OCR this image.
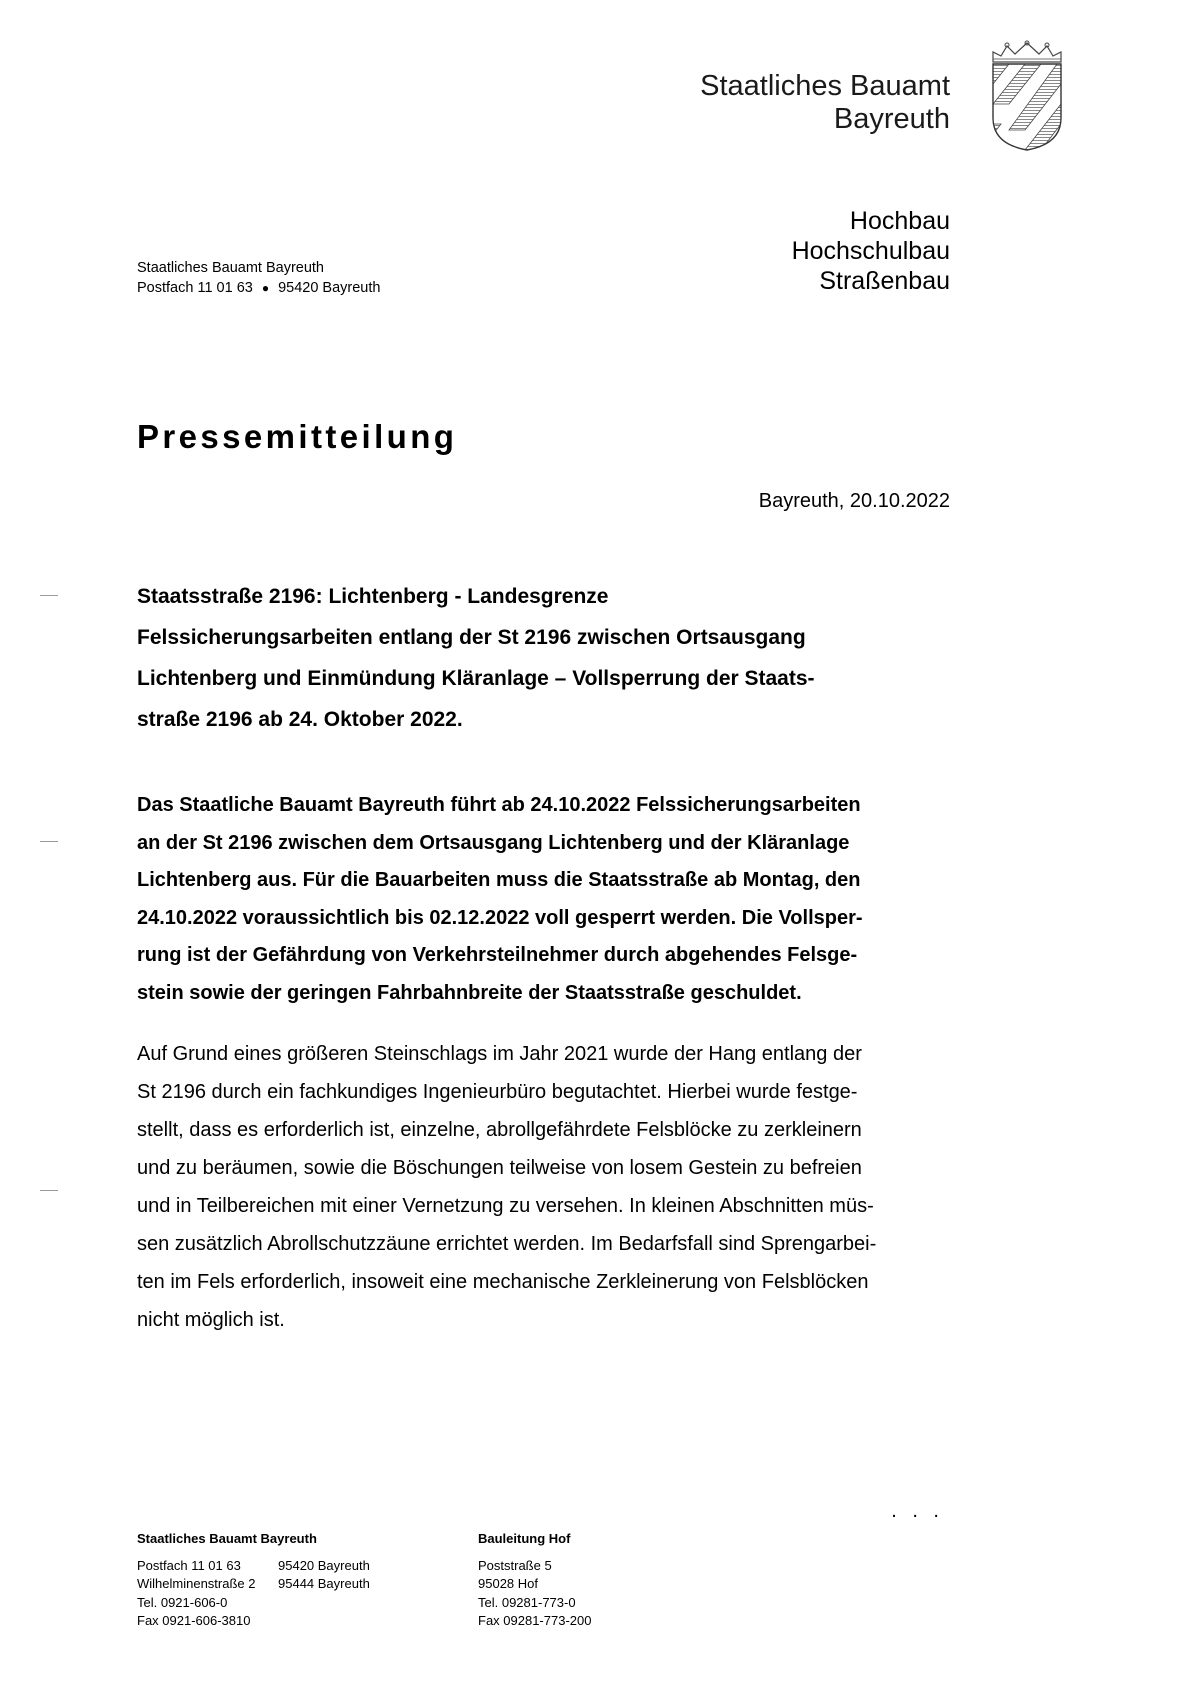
Staatliches Bauamt
Bayreuth
Hochbau
Hochschulbau
Straßenbau
Staatliches Bauamt Bayreuth
Postfach 11 01 63 ● 95420 Bayreuth
Pressemitteilung
Bayreuth, 20.10.2022
Staatsstraße 2196: Lichtenberg - Landesgrenze
Felssicherungsarbeiten entlang der St 2196 zwischen Ortsausgang
Lichtenberg und Einmündung Kläranlage – Vollsperrung der Staats-
straße 2196 ab 24. Oktober 2022.
Das Staatliche Bauamt Bayreuth führt ab 24.10.2022 Felssicherungsarbeiten
an der St 2196 zwischen dem Ortsausgang Lichtenberg und der Kläranlage
Lichtenberg aus. Für die Bauarbeiten muss die Staatsstraße ab Montag, den
24.10.2022 voraussichtlich bis 02.12.2022 voll gesperrt werden. Die Vollsper-
rung ist der Gefährdung von Verkehrsteilnehmer durch abgehendes Felsge-
stein sowie der geringen Fahrbahnbreite der Staatsstraße geschuldet.
Auf Grund eines größeren Steinschlags im Jahr 2021 wurde der Hang entlang der
St 2196 durch ein fachkundiges Ingenieurbüro begutachtet. Hierbei wurde festge-
stellt, dass es erforderlich ist, einzelne, abrollgefährdete Felsblöcke zu zerkleinern
und zu beräumen, sowie die Böschungen teilweise von losem Gestein zu befreien
und in Teilbereichen mit einer Vernetzung zu versehen. In kleinen Abschnitten müs-
sen zusätzlich Abrollschutzzäune errichtet werden. Im Bedarfsfall sind Sprengarbei-
ten im Fels erforderlich, insoweit eine mechanische Zerkleinerung von Felsblöcken
nicht möglich ist.
. . .
Staatliches Bauamt Bayreuth
Postfach 11 01 63	95420 Bayreuth
Wilhelminenstraße 2 95444 Bayreuth
Tel. 0921-606-0
Fax 0921-606-3810
Bauleitung Hof
Poststraße 5
95028 Hof
Tel. 09281-773-0
Fax 09281-773-200
